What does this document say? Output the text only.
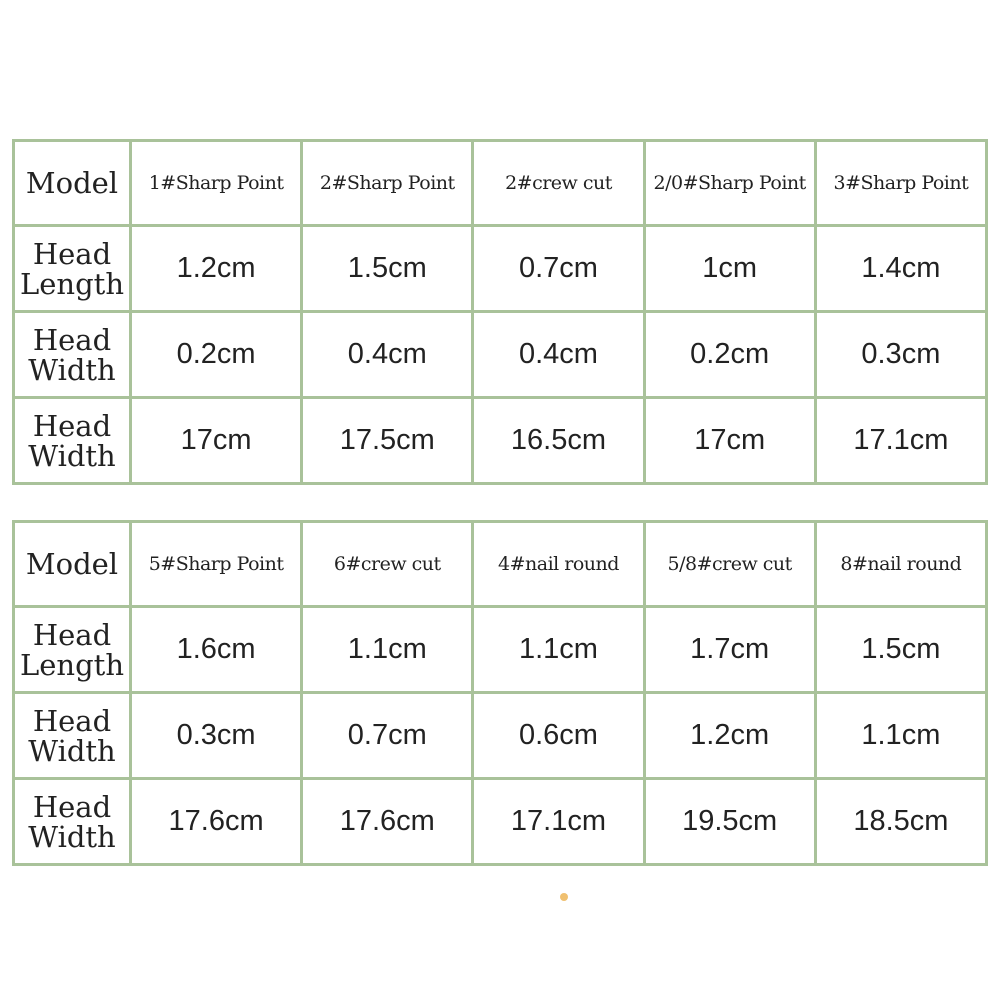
Model	1#Sharp Point	2#Sharp Point	2#crew cut	2/0#Sharp Point	3#Sharp Point

Head
Length	1.2cm	1.5cm	0.7cm	1cm	1.4cm

Head
Width	0.2cm	0.4cm	0.4cm	0.2cm	0.3cm

Head
Width	17cm	17.5cm	16.5cm	17cm	17.1cm
Model	5#Sharp Point	6#crew cut	4#nail round	5/8#crew cut	8#nail round

Head
Length	1.6cm	1.1cm	1.1cm	1.7cm	1.5cm

Head
Width	0.3cm	0.7cm	0.6cm	1.2cm	1.1cm

Head
Width	17.6cm	17.6cm	17.1cm	19.5cm	18.5cm
